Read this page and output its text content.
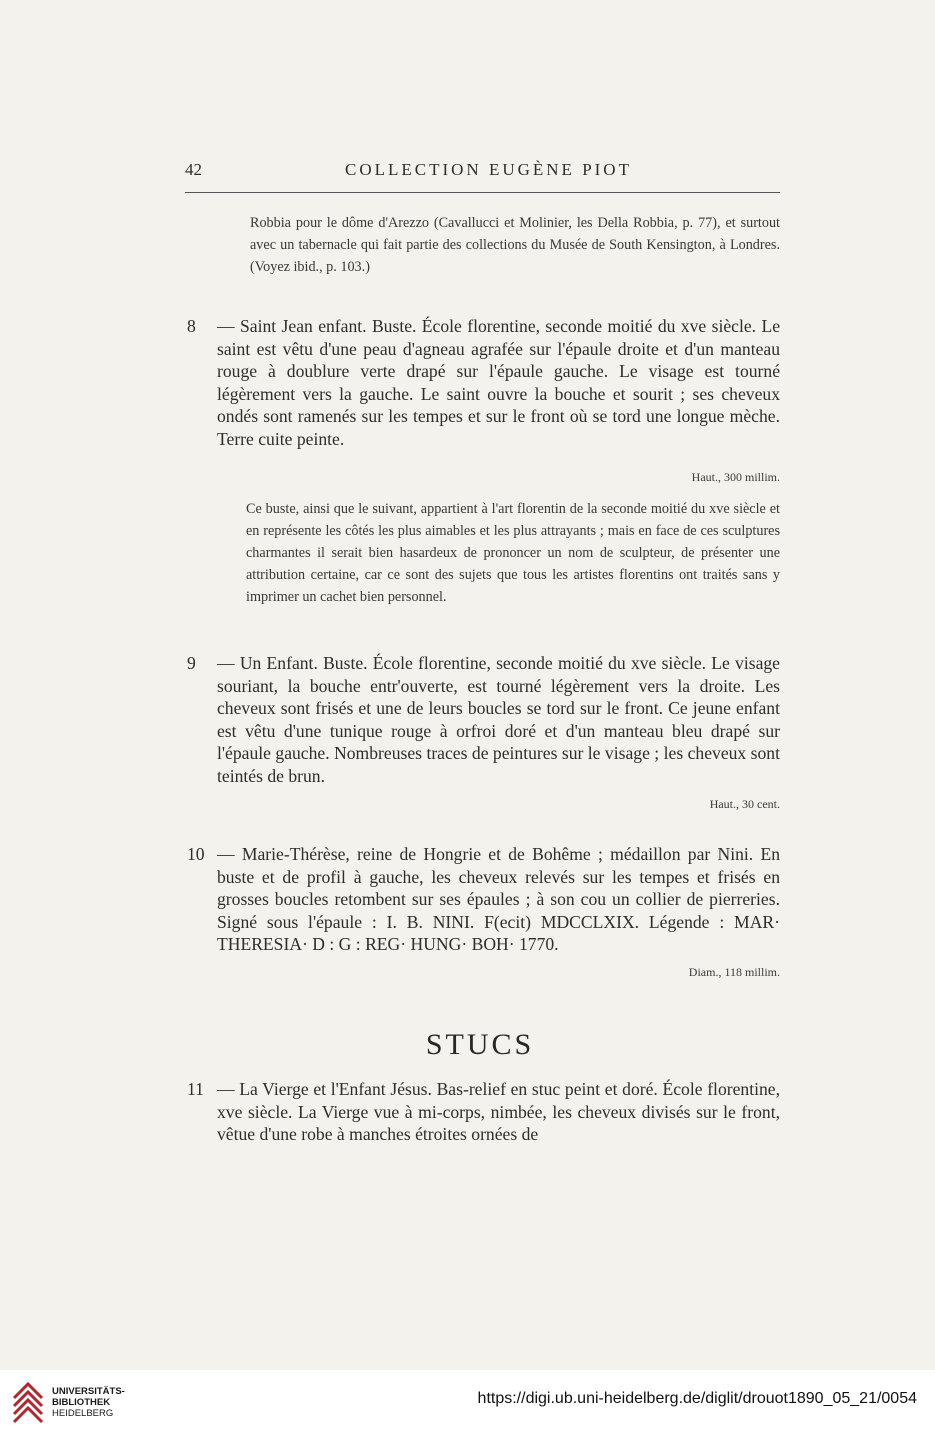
42	COLLECTION EUGÈNE PIOT
Robbia pour le dôme d'Arezzo (Cavallucci et Molinier, les Della Robbia, p. 77), et surtout avec un tabernacle qui fait partie des collections du Musée de South Kensington, à Londres. (Voyez ibid., p. 103.)
8 — Saint Jean enfant. Buste. École florentine, seconde moitié du xve siècle. Le saint est vêtu d'une peau d'agneau agrafée sur l'épaule droite et d'un manteau rouge à doublure verte drapé sur l'épaule gauche. Le visage est tourné légèrement vers la gauche. Le saint ouvre la bouche et sourit ; ses cheveux ondés sont ramenés sur les tempes et sur le front où se tord une longue mèche. Terre cuite peinte.
Haut., 300 millim.
Ce buste, ainsi que le suivant, appartient à l'art florentin de la seconde moitié du xve siècle et en représente les côtés les plus aimables et les plus attrayants ; mais en face de ces sculptures charmantes il serait bien hasardeux de prononcer un nom de sculpteur, de présenter une attribution certaine, car ce sont des sujets que tous les artistes florentins ont traités sans y imprimer un cachet bien personnel.
9 — Un Enfant. Buste. École florentine, seconde moitié du xve siècle. Le visage souriant, la bouche entr'ouverte, est tourné légèrement vers la droite. Les cheveux sont frisés et une de leurs boucles se tord sur le front. Ce jeune enfant est vêtu d'une tunique rouge à orfroi doré et d'un manteau bleu drapé sur l'épaule gauche. Nombreuses traces de peintures sur le visage ; les cheveux sont teintés de brun.
Haut., 30 cent.
10 — Marie-Thérèse, reine de Hongrie et de Bohême ; médaillon par Nini. En buste et de profil à gauche, les cheveux relevés sur les tempes et frisés en grosses boucles retombent sur ses épaules ; à son cou un collier de pierreries. Signé sous l'épaule : I. B. NINI. F(ecit) MDCCLXIX. Légende : MAR· THERESIA· D : G : REG· HUNG· BOH· 1770.
Diam., 118 millim.
STUCS
11 — La Vierge et l'Enfant Jésus. Bas-relief en stuc peint et doré. École florentine, xve siècle. La Vierge vue à mi-corps, nimbée, les cheveux divisés sur le front, vêtue d'une robe à manches étroites ornées de
UNIVERSITÄTS-
BIBLIOTHEK
HEIDELBERG
https://digi.ub.uni-heidelberg.de/diglit/drouot1890_05_21/0054
